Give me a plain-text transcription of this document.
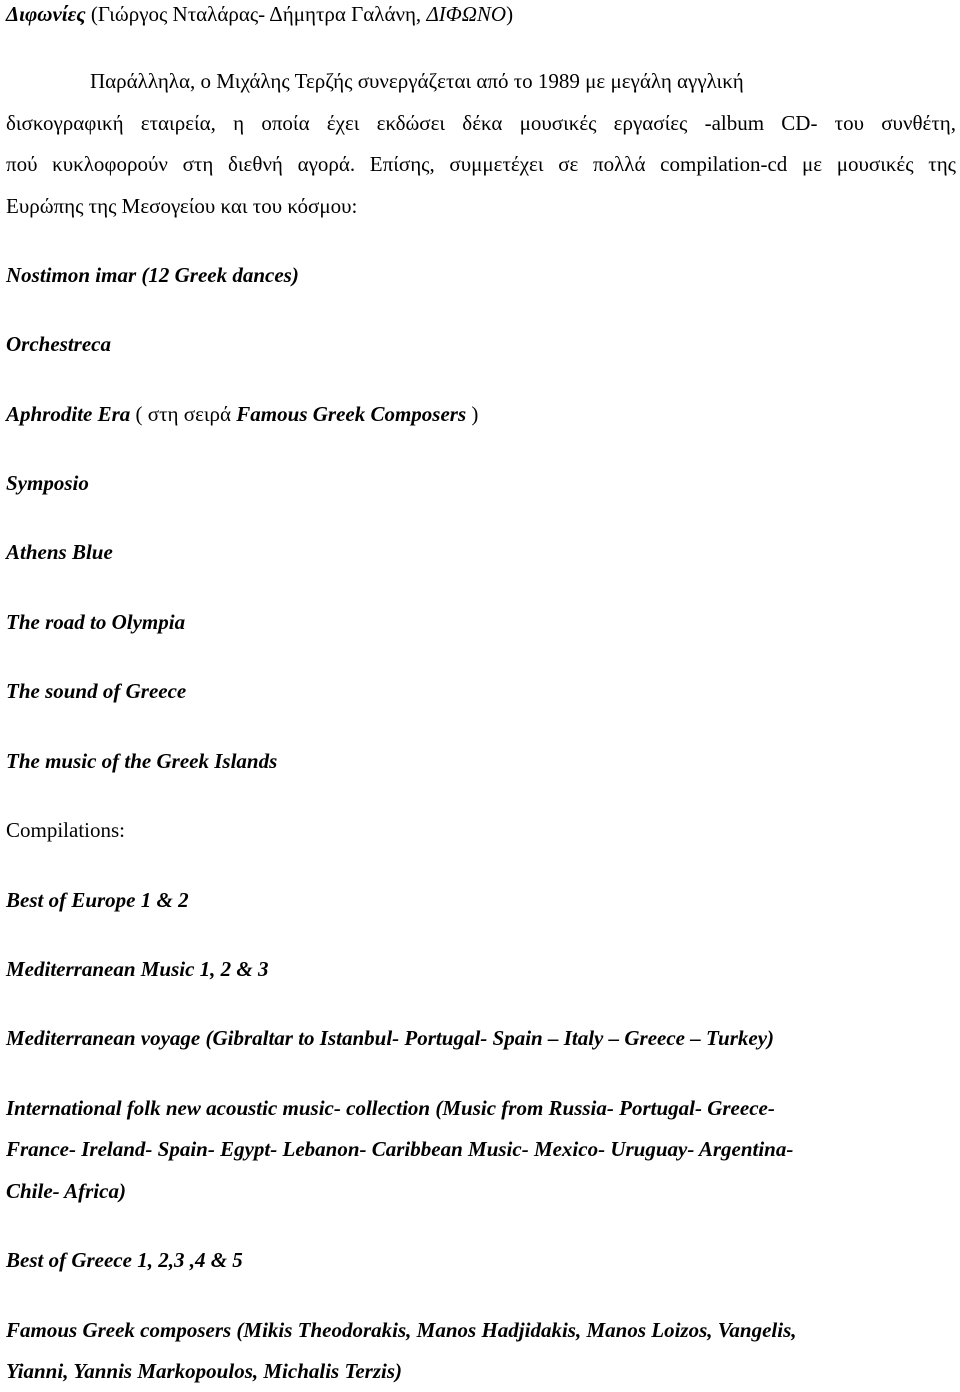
Διφωνίες (Γιώργος Νταλάρας- Δήμητρα Γαλάνη, ΔΙΦΩΝΟ)
Παράλληλα, ο Μιχάλης Τερζής συνεργάζεται από το 1989 με μεγάλη αγγλική
δισκογραφική εταιρεία, η οποία έχει εκδώσει δέκα μουσικές εργασίες -album CD- του συνθέτη,
πού κυκλοφορούν στη διεθνή αγορά. Επίσης, συμμετέχει σε πολλά compilation-cd με μουσικές της
Ευρώπης της Μεσογείου και του κόσμου:
Nostimon imar (12 Greek dances)
Orchestreca
Aphrodite Era ( στη σειρά Famous Greek Composers )
Symposio
Athens Blue
The road to Olympia
The sound of Greece
The music of the Greek Islands
Compilations:
Best of Europe 1 & 2
Mediterranean Music 1, 2 & 3
Mediterranean voyage (Gibraltar to Istanbul- Portugal- Spain – Italy – Greece – Turkey)
International folk new acoustic music- collection (Music from Russia- Portugal- Greece-
France- Ireland- Spain- Egypt- Lebanon- Caribbean Music- Mexico- Uruguay- Argentina-
Chile- Africa)
Best of Greece 1, 2,3 ,4 & 5
Famous Greek composers (Mikis Theodorakis, Manos Hadjidakis, Manos Loizos, Vangelis,
Yianni, Yannis Markopoulos, Michalis Terzis)
